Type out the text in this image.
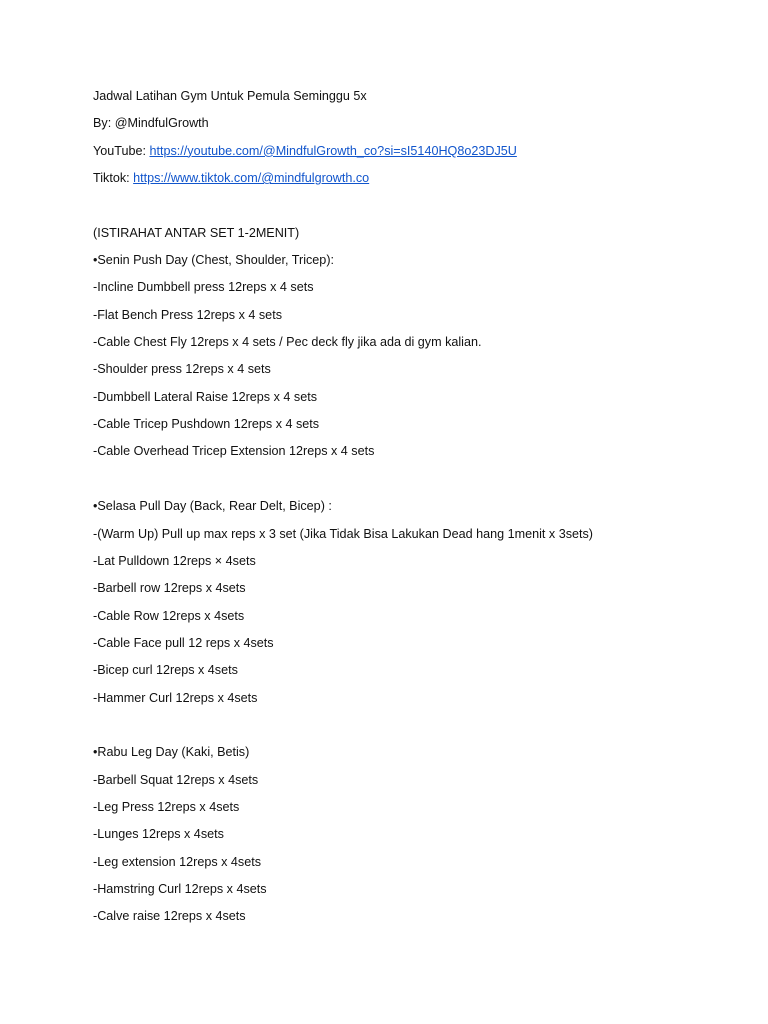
Jadwal Latihan Gym Untuk Pemula Seminggu 5x
By: @MindfulGrowth
YouTube: https://youtube.com/@MindfulGrowth_co?si=sI5140HQ8o23DJ5U
Tiktok: https://www.tiktok.com/@mindfulgrowth.co
(ISTIRAHAT ANTAR SET 1-2MENIT)
•Senin Push Day (Chest, Shoulder, Tricep):
-Incline Dumbbell press 12reps x 4 sets
-Flat Bench Press 12reps x 4 sets
-Cable Chest Fly 12reps x 4 sets / Pec deck fly jika ada di gym kalian.
-Shoulder press 12reps x 4 sets
-Dumbbell Lateral Raise 12reps x 4 sets
-Cable Tricep Pushdown 12reps x 4 sets
-Cable Overhead Tricep Extension 12reps x 4 sets
•Selasa Pull Day (Back, Rear Delt, Bicep) :
-(Warm Up) Pull up max reps x 3 set (Jika Tidak Bisa Lakukan Dead hang 1menit x 3sets)
-Lat Pulldown 12reps × 4sets
-Barbell row 12reps x 4sets
-Cable Row 12reps x 4sets
-Cable Face pull 12 reps x 4sets
-Bicep curl 12reps x 4sets
-Hammer Curl 12reps x 4sets
•Rabu Leg Day (Kaki, Betis)
-Barbell Squat 12reps x 4sets
-Leg Press 12reps x 4sets
-Lunges 12reps x 4sets
-Leg extension 12reps x 4sets
-Hamstring Curl 12reps x 4sets
-Calve raise 12reps x 4sets
